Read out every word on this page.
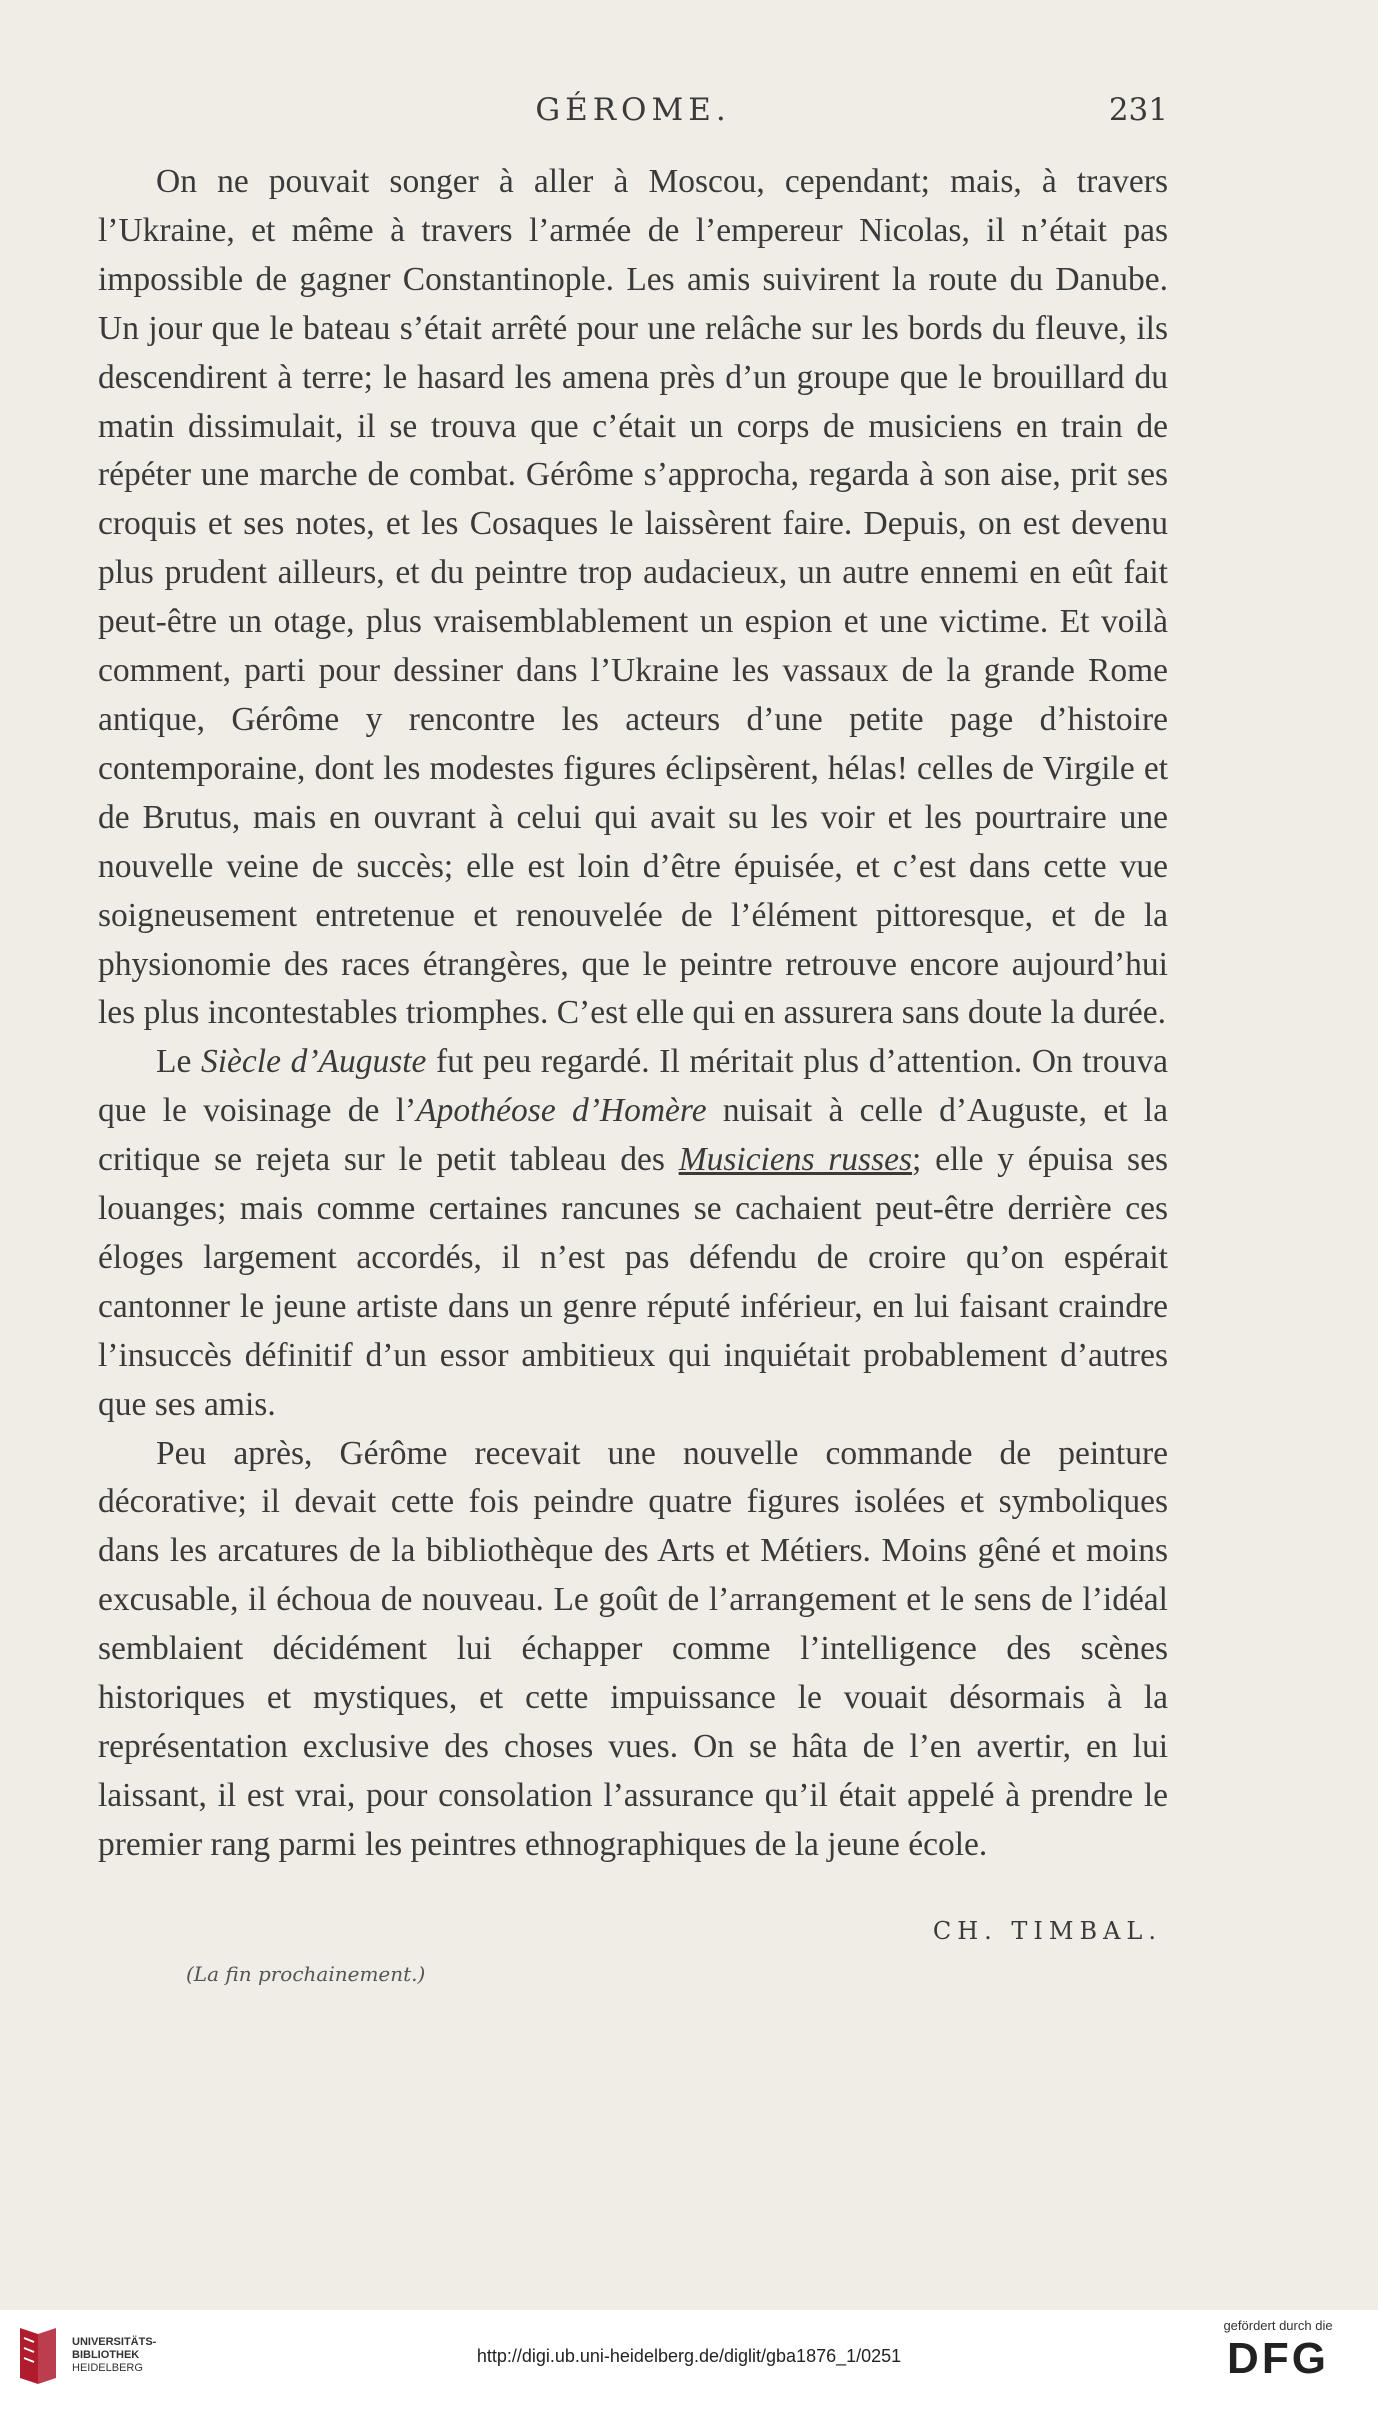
GÉROME.	231

On ne pouvait songer à aller à Moscou, cependant; mais, à travers l’Ukraine, et même à travers l’armée de l’empereur Nicolas, il n’était pas impossible de gagner Constantinople. Les amis suivirent la route du Danube. Un jour que le bateau s’était arrêté pour une relâche sur les bords du fleuve, ils descendirent à terre; le hasard les amena près d’un groupe que le brouillard du matin dissimulait, il se trouva que c’était un corps de musiciens en train de répéter une marche de combat. Gérôme s’approcha, regarda à son aise, prit ses croquis et ses notes, et les Cosaques le laissèrent faire. Depuis, on est devenu plus prudent ailleurs, et du peintre trop audacieux, un autre ennemi en eût fait peut-être un otage, plus vraisemblablement un espion et une victime. Et voilà comment, parti pour dessiner dans l’Ukraine les vassaux de la grande Rome antique, Gérôme y rencontre les acteurs d’une petite page d’histoire contemporaine, dont les modestes figures éclipsèrent, hélas! celles de Virgile et de Brutus, mais en ouvrant à celui qui avait su les voir et les pourtraire une nouvelle veine de succès; elle est loin d’être épuisée, et c’est dans cette vue soigneusement entretenue et renouvelée de l’élément pittoresque, et de la physionomie des races étrangères, que le peintre retrouve encore aujourd’hui les plus incontestables triomphes. C’est elle qui en assurera sans doute la durée.

Le Siècle d’Auguste fut peu regardé. Il méritait plus d’attention. On trouva que le voisinage de l’Apothéose d’Homère nuisait à celle d’Auguste, et la critique se rejeta sur le petit tableau des Musiciens russes; elle y épuisa ses louanges; mais comme certaines rancunes se cachaient peut-être derrière ces éloges largement accordés, il n’est pas défendu de croire qu’on espérait cantonner le jeune artiste dans un genre réputé inférieur, en lui faisant craindre l’insuccès définitif d’un essor ambitieux qui inquiétait probablement d’autres que ses amis.

Peu après, Gérôme recevait une nouvelle commande de peinture décorative; il devait cette fois peindre quatre figures isolées et symboliques dans les arcatures de la bibliothèque des Arts et Métiers. Moins gêné et moins excusable, il échoua de nouveau. Le goût de l’arrangement et le sens de l’idéal semblaient décidément lui échapper comme l’intelligence des scènes historiques et mystiques, et cette impuissance le vouait désormais à la représentation exclusive des choses vues. On se hâta de l’en avertir, en lui laissant, il est vrai, pour consolation l’assurance qu’il était appelé à prendre le premier rang parmi les peintres ethnographiques de la jeune école.

CH. TIMBAL.
(La fin prochainement.)
UNIVERSITÄTS-
BIBLIOTHEK
HEIDELBERG
http://digi.ub.uni-heidelberg.de/diglit/gba1876_1/0251
gefördert durch die
DFG
